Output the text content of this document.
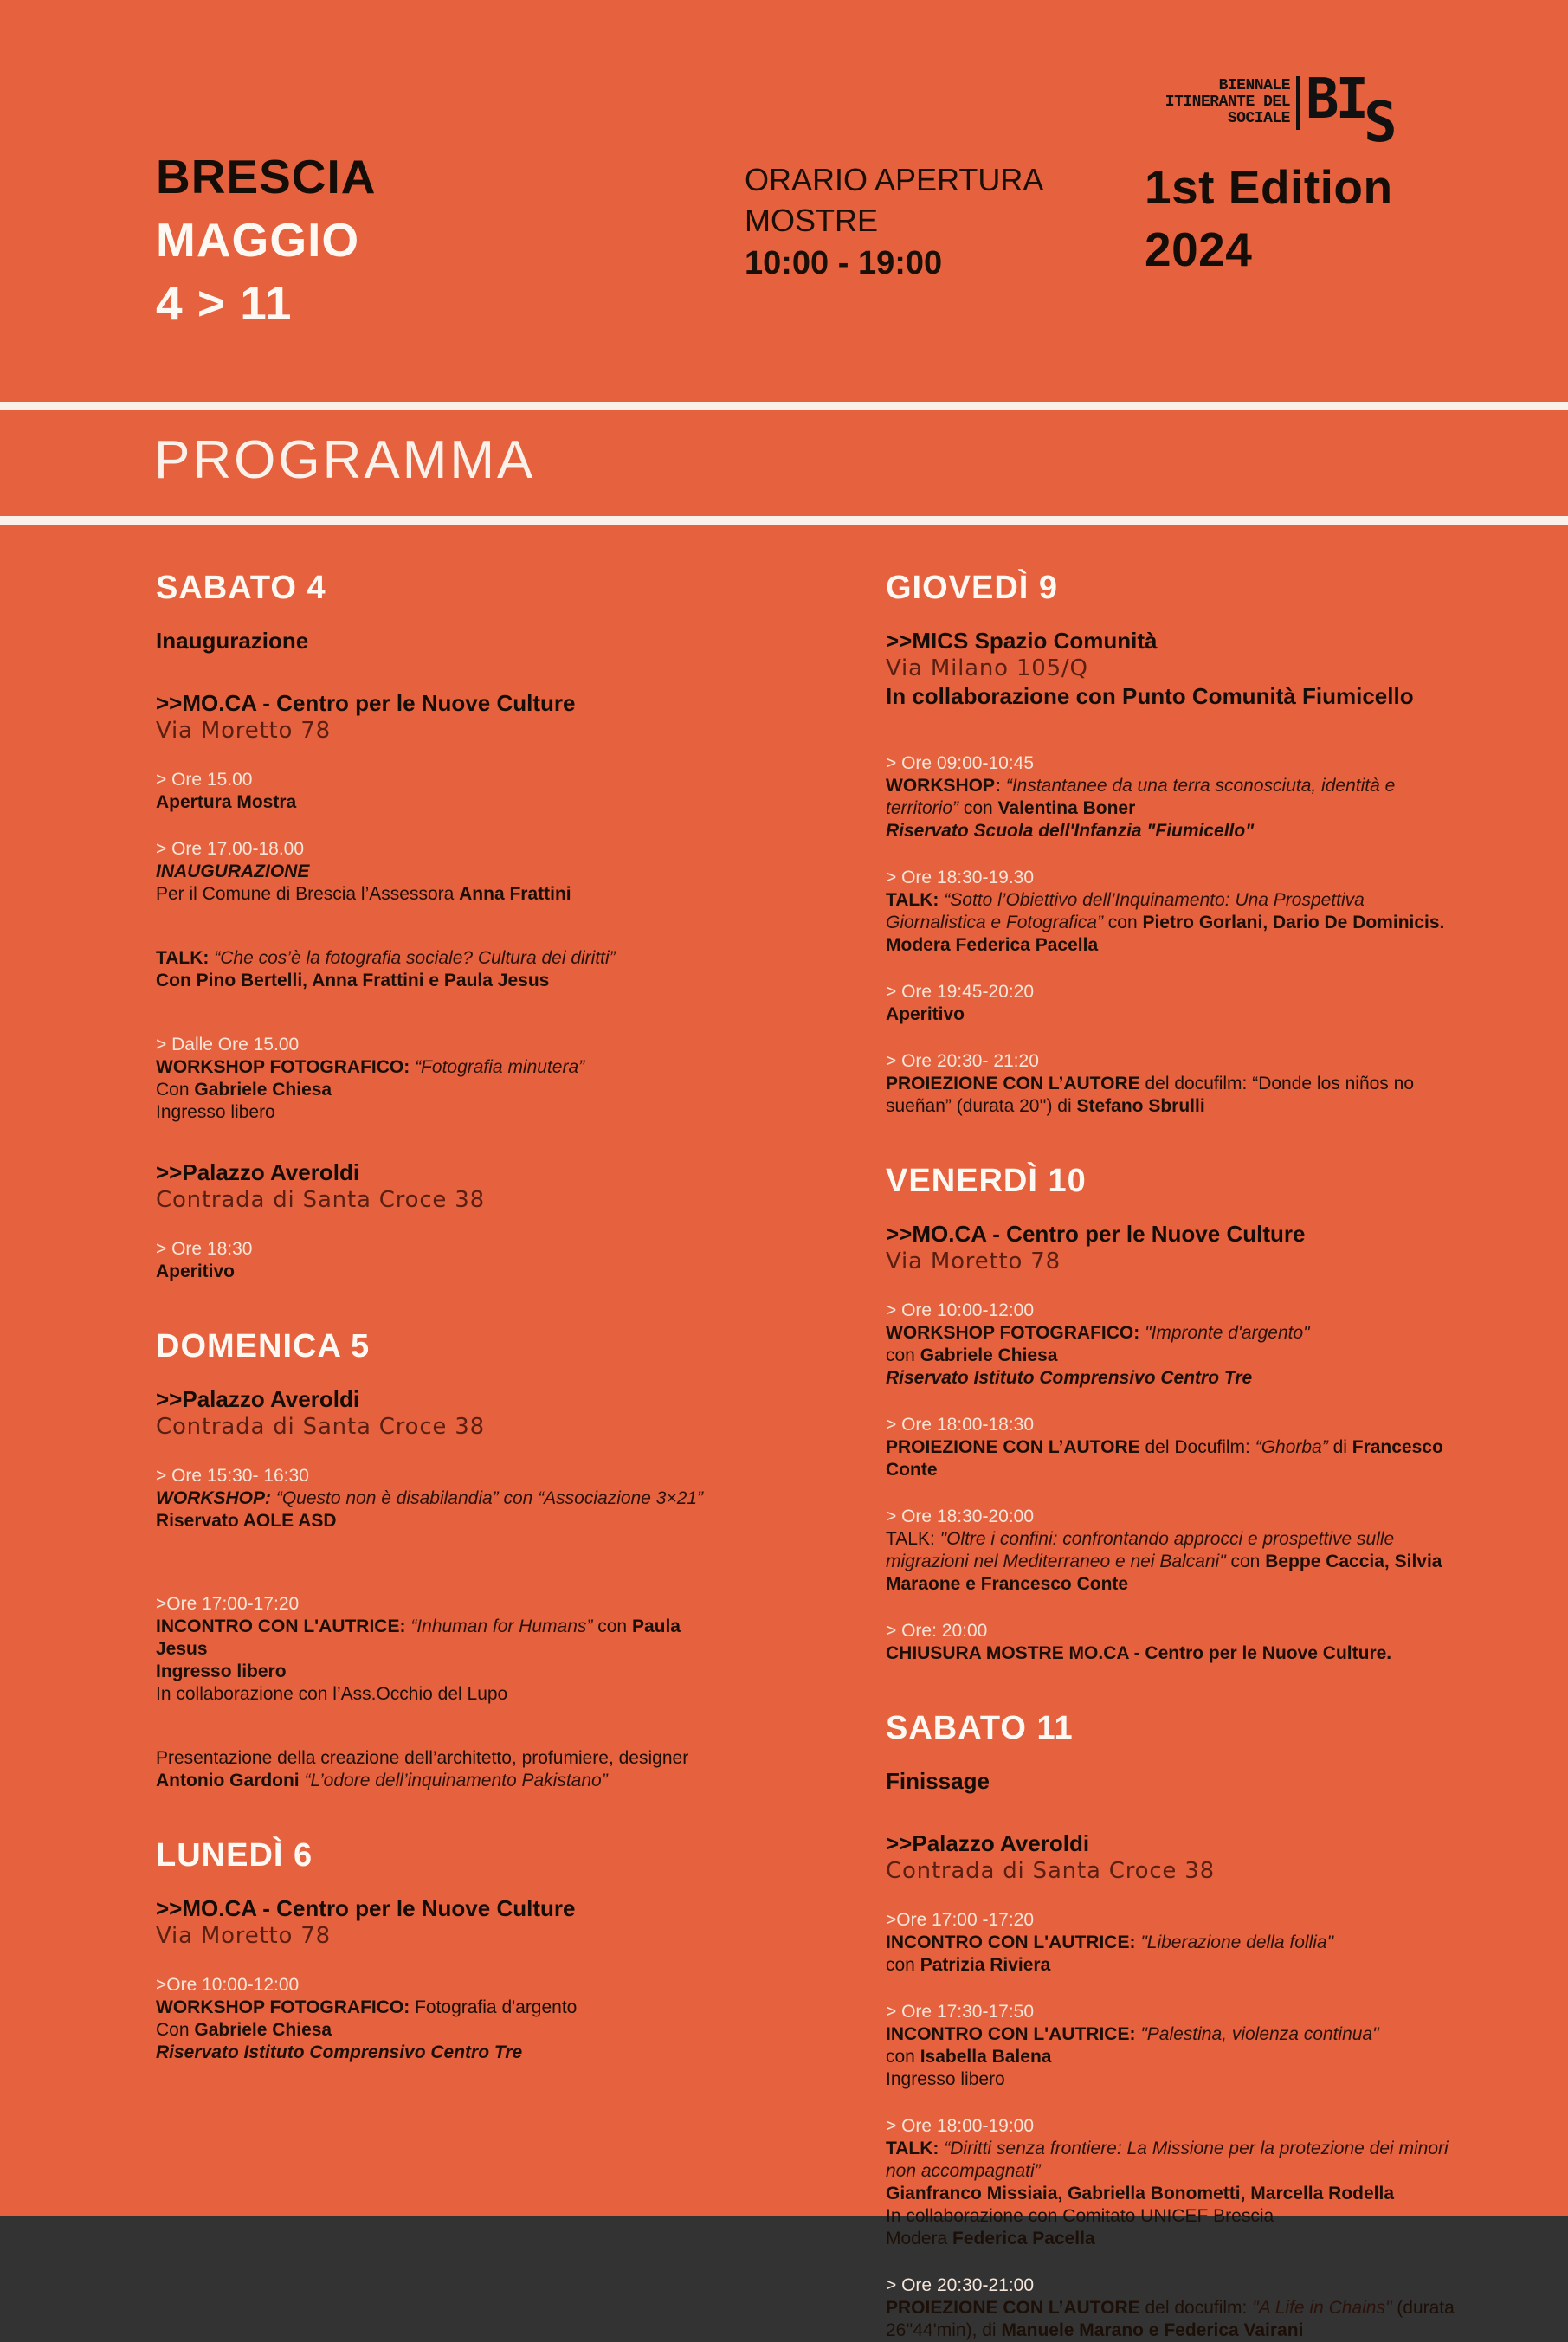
BRESCIA
MAGGIO
4 > 11
ORARIO APERTURA
MOSTRE
10:00 - 19:00
BIENNALE
ITINERANTE DEL
SOCIALE BI
S
1st Edition
2024
PROGRAMMA
SABATO 4
Inaugurazione
>>MO.CA - Centro per le Nuove Culture
Via Moretto 78
> Ore 15.00
Apertura Mostra
> Ore 17.00-18.00
INAUGURAZIONE
Per il Comune di Brescia l’Assessora Anna Frattini
TALK: “Che cos’è la fotografia sociale? Cultura dei diritti”
Con Pino Bertelli, Anna Frattini e Paula Jesus
> Dalle Ore 15.00
WORKSHOP FOTOGRAFICO: “Fotografia minutera”
Con Gabriele Chiesa
Ingresso libero
>>Palazzo Averoldi
Contrada di Santa Croce 38
> Ore 18:30
Aperitivo
DOMENICA 5
>>Palazzo Averoldi
Contrada di Santa Croce 38
> Ore 15:30- 16:30
WORKSHOP: “Questo non è disabilandia” con “Associazione 3×21”
Riservato AOLE ASD
>Ore 17:00-17:20
INCONTRO CON L'AUTRICE: “Inhuman for Humans” con Paula Jesus
Ingresso libero
In collaborazione con l’Ass.Occhio del Lupo
Presentazione della creazione dell’architetto, profumiere, designer Antonio Gardoni “L’odore dell’inquinamento Pakistano”
LUNEDÌ 6
>>MO.CA - Centro per le Nuove Culture
Via Moretto 78
>Ore 10:00-12:00
WORKSHOP FOTOGRAFICO: Fotografia d'argento
Con Gabriele Chiesa
Riservato Istituto Comprensivo Centro Tre
GIOVEDÌ 9
>>MICS Spazio Comunità
Via Milano 105/Q
In collaborazione con Punto Comunità Fiumicello
> Ore 09:00-10:45
WORKSHOP: “Instantanee da una terra sconosciuta, identità e territorio” con Valentina Boner
Riservato Scuola dell'Infanzia "Fiumicello"
> Ore 18:30-19.30
TALK: “Sotto l’Obiettivo dell’Inquinamento: Una Prospettiva Giornalistica e Fotografica” con Pietro Gorlani, Dario De Dominicis.
Modera Federica Pacella
> Ore 19:45-20:20
Aperitivo
> Ore 20:30- 21:20
PROIEZIONE CON L’AUTORE del docufilm: “Donde los niños no sueñan” (durata 20'') di Stefano Sbrulli
VENERDÌ 10
>>MO.CA - Centro per le Nuove Culture
Via Moretto 78
> Ore 10:00-12:00
WORKSHOP FOTOGRAFICO: "Impronte d'argento"
con Gabriele Chiesa
Riservato Istituto Comprensivo Centro Tre
> Ore 18:00-18:30
PROIEZIONE CON L’AUTORE del Docufilm: “Ghorba” di Francesco Conte
> Ore 18:30-20:00
TALK: "Oltre i confini: confrontando approcci e prospettive sulle migrazioni nel Mediterraneo e nei Balcani" con Beppe Caccia, Silvia Maraone e Francesco Conte
> Ore: 20:00
CHIUSURA MOSTRE MO.CA - Centro per le Nuove Culture.
SABATO 11
Finissage
>>Palazzo Averoldi
Contrada di Santa Croce 38
>Ore 17:00 -17:20
INCONTRO CON L'AUTRICE: "Liberazione della follia"
con Patrizia Riviera
> Ore 17:30-17:50
INCONTRO CON L'AUTRICE: "Palestina, violenza continua"
con Isabella Balena
Ingresso libero
> Ore 18:00-19:00
TALK: “Diritti senza frontiere: La Missione per la protezione dei minori non accompagnati”
Gianfranco Missiaia, Gabriella Bonometti, Marcella Rodella
In collaborazione con Comitato UNICEF Brescia
Modera Federica Pacella
> Ore 20:30-21:00
PROIEZIONE CON L’AUTORE del docufilm: "A Life in Chains" (durata 26''44'min), di Manuele Marano e Federica Vairani
